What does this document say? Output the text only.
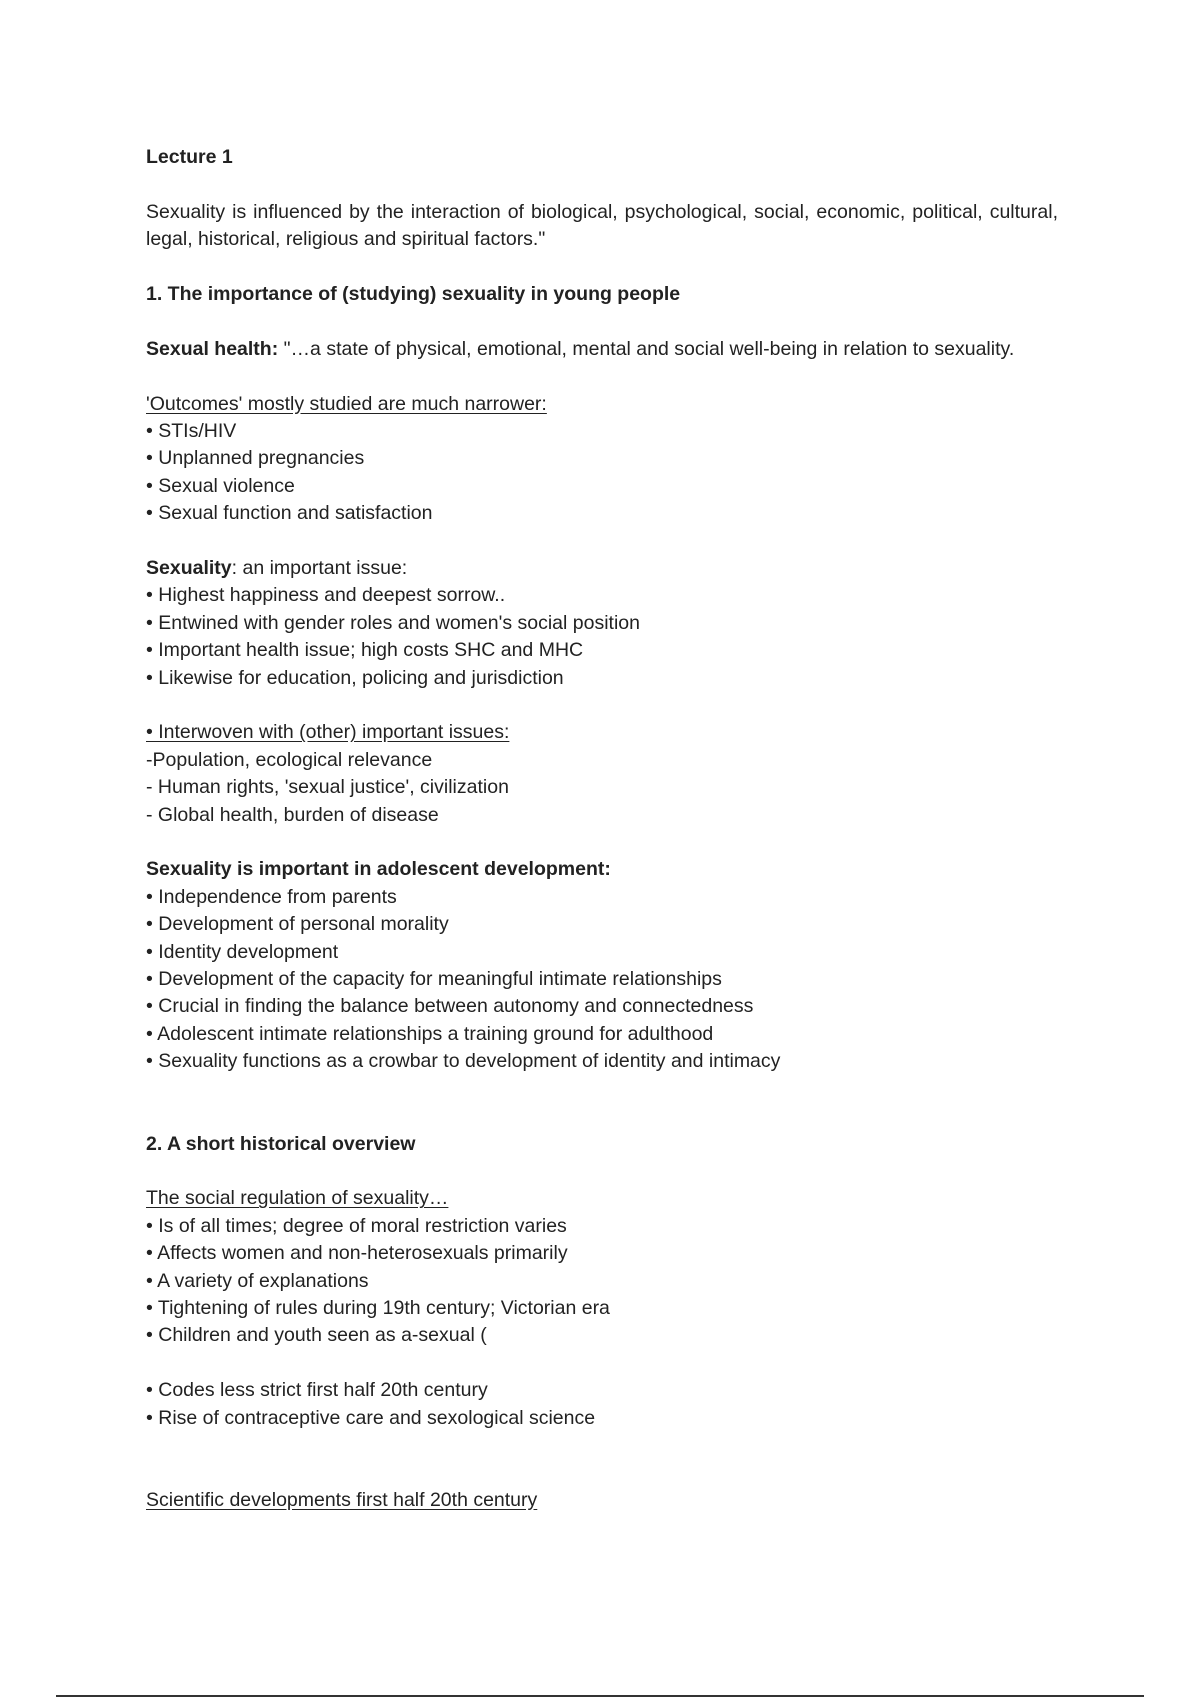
Lecture 1

Sexuality is influenced by the interaction of biological, psychological, social, economic, political, cultural, legal, historical, religious and spiritual factors."

1. The importance of (studying) sexuality in young people

Sexual health: "…a state of physical, emotional, mental and social well-being in relation to sexuality.

'Outcomes' mostly studied are much narrower:

• STIs/HIV

• Unplanned pregnancies

• Sexual violence

• Sexual function and satisfaction

Sexuality: an important issue:

• Highest happiness and deepest sorrow..

• Entwined with gender roles and women's social position

• Important health issue; high costs SHC and MHC

• Likewise for education, policing and jurisdiction

• Interwoven with (other) important issues:

-Population, ecological relevance

- Human rights, 'sexual justice', civilization

- Global health, burden of disease

Sexuality is important in adolescent development:

• Independence from parents

• Development of personal morality

• Identity development

• Development of the capacity for meaningful intimate relationships

• Crucial in finding the balance between autonomy and connectedness

• Adolescent intimate relationships a training ground for adulthood

• Sexuality functions as a crowbar to development of identity and intimacy

2. A short historical overview

The social regulation of sexuality…

• Is of all times; degree of moral restriction varies

• Affects women and non-heterosexuals primarily

• A variety of explanations

• Tightening of rules during 19th century; Victorian era

• Children and youth seen as a-sexual (

• Codes less strict first half 20th century

• Rise of contraceptive care and sexological science

Scientific developments first half 20th century
